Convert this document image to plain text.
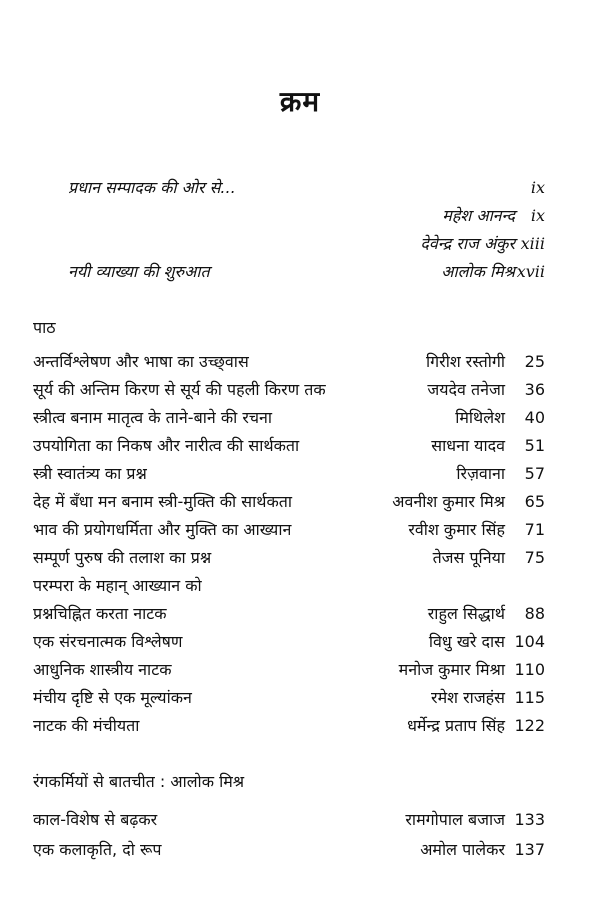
क्रम
प्रधान सम्पादक की ओर से...	ix
महेश आनन्द ix
देवेन्द्र राज अंकुर xiii
नयी व्याख्या की शुरुआत	आलोक मिश्र xvii
पाठ
अन्तर्विश्लेषण और भाषा का उच्छ्‌वास	गिरीश रस्तोगी	25
सूर्य की अन्तिम किरण से सूर्य की पहली किरण तक	जयदेव तनेजा	36
स्त्रीत्व बनाम मातृत्व के ताने-बाने की रचना	मिथिलेश	40
उपयोगिता का निकष और नारीत्व की सार्थकता	साधना यादव	51
स्त्री स्वातंत्र्य का प्रश्न	रिज़वाना	57
देह में बँधा मन बनाम स्त्री-मुक्ति की सार्थकता	अवनीश कुमार मिश्र	65
भाव की प्रयोगधर्मिता और मुक्ति का आख्यान	रवीश कुमार सिंह	71
सम्पूर्ण पुरुष की तलाश का प्रश्न	तेजस पूनिया	75
परम्परा के महान् आख्यान को
प्रश्नचिह्नित करता नाटक	राहुल सिद्धार्थ	88
एक संरचनात्मक विश्लेषण	विधु खरे दास 104
आधुनिक शास्त्रीय नाटक	मनोज कुमार मिश्रा 110
मंचीय दृष्टि से एक मूल्यांकन	रमेश राजहंस 115
नाटक की मंचीयता	धर्मेन्द्र प्रताप सिंह 122
रंगकर्मियों से बातचीत : आलोक मिश्र
काल-विशेष से बढ़कर	रामगोपाल बजाज 133
एक कलाकृति, दो रूप	अमोल पालेकर 137
